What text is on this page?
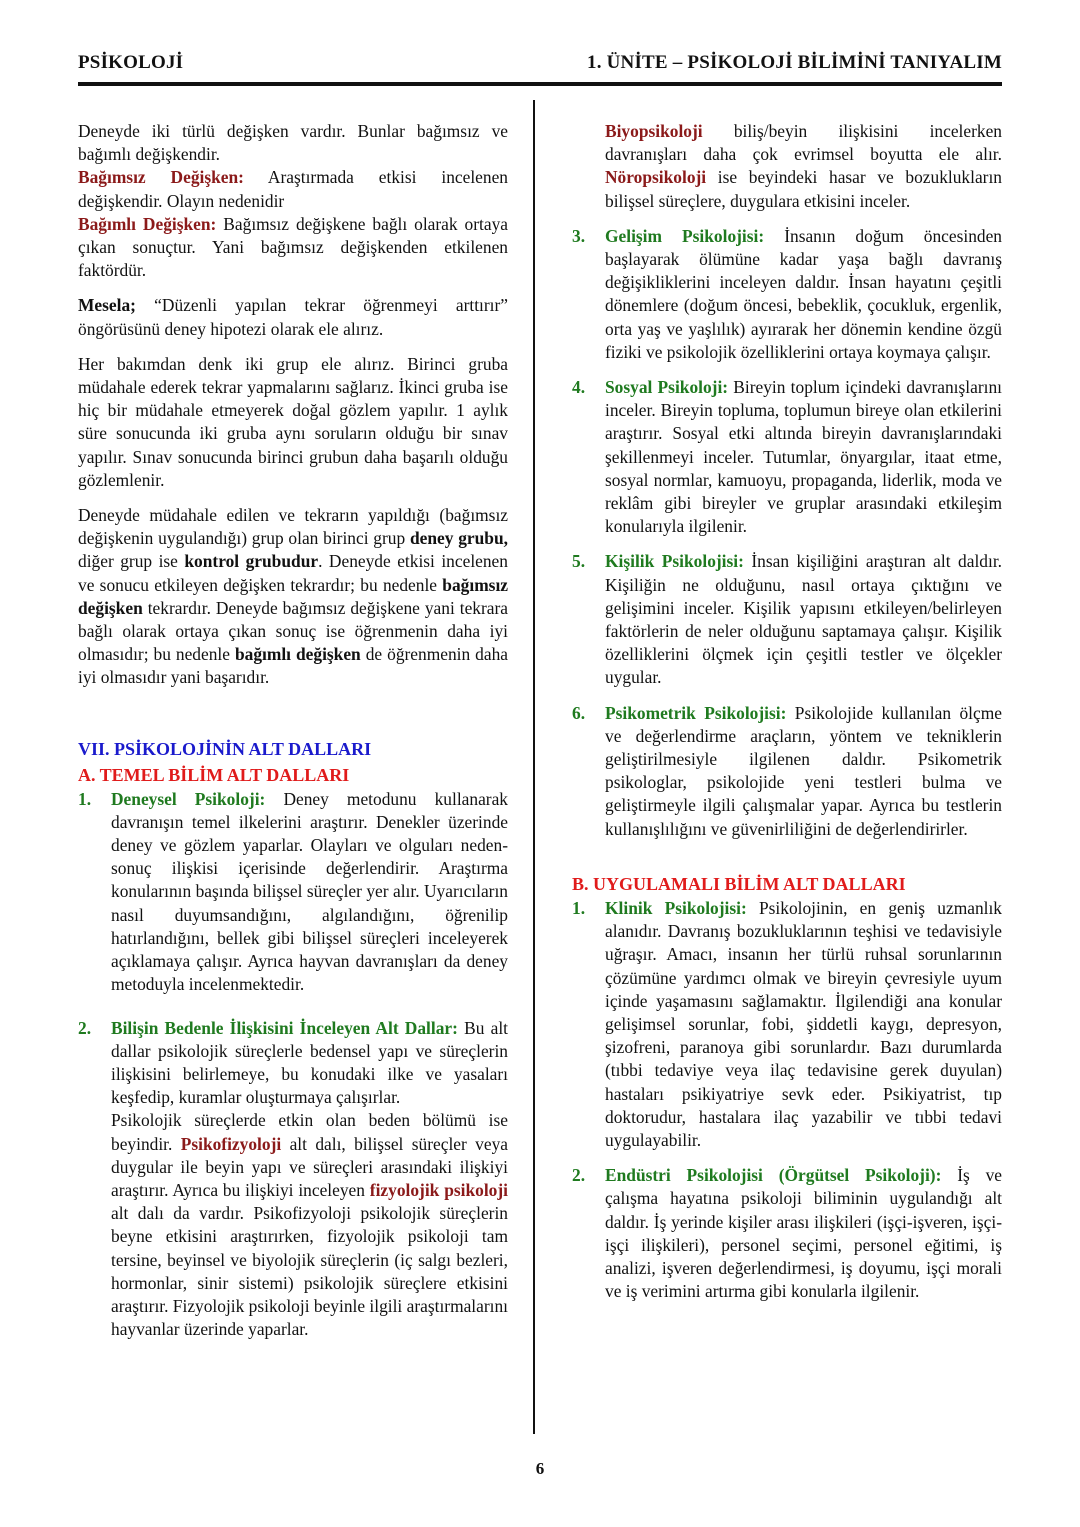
PSİKOLOJİ	1. ÜNİTE – PSİKOLOJİ BİLİMİNİ TANIYALIM

Deneyde iki türlü değişken vardır. Bunlar bağımsız ve bağımlı değişkendir.

Bağımsız Değişken: Araştırmada etkisi incelenen değişkendir. Olayın nedenidir

Bağımlı Değişken: Bağımsız değişkene bağlı olarak ortaya çıkan sonuçtur. Yani bağımsız değişkenden etkilenen faktördür.

Mesela; “Düzenli yapılan tekrar öğrenmeyi arttırır” öngörüsünü deney hipotezi olarak ele alırız.

Her bakımdan denk iki grup ele alırız. Birinci gruba müdahale ederek tekrar yapmalarını sağlarız. İkinci gruba ise hiç bir müdahale etmeyerek doğal gözlem yapılır. 1 aylık süre sonucunda iki gruba aynı soruların olduğu bir sınav yapılır. Sınav sonucunda birinci grubun daha başarılı olduğu gözlemlenir.

Deneyde müdahale edilen ve tekrarın yapıldığı (bağımsız değişkenin uygulandığı) grup olan birinci grup deney grubu, diğer grup ise kontrol grubudur. Deneyde etkisi incelenen ve sonucu etkileyen değişken tekrardır; bu nedenle bağımsız değişken tekrardır. Deneyde bağımsız değişkene yani tekrara bağlı olarak ortaya çıkan sonuç ise öğrenmenin daha iyi olmasıdır; bu nedenle bağımlı değişken de öğrenmenin daha iyi olmasıdır yani başarıdır.

VII. PSİKOLOJİNİN ALT DALLARI
A. TEMEL BİLİM ALT DALLARI
1. Deneysel Psikoloji: Deney metodunu kullanarak davranışın temel ilkelerini araştırır. Denekler üzerinde deney ve gözlem yaparlar. Olayları ve olguları neden-sonuç ilişkisi içerisinde değerlendirir. Araştırma konularının başında bilişsel süreçler yer alır. Uyarıcıların nasıl duyumsandığını, algılandığını, öğrenilip hatırlandığını, bellek gibi bilişsel süreçleri inceleyerek açıklamaya çalışır. Ayrıca hayvan davranışları da deney metoduyla incelenmektedir.

2. Bilişin Bedenle İlişkisini İnceleyen Alt Dallar: Bu alt dallar psikolojik süreçlerle bedensel yapı ve süreçlerin ilişkisini belirlemeye, bu konudaki ilke ve yasaları keşfedip, kuramlar oluşturmaya çalışırlar.

Psikolojik süreçlerde etkin olan beden bölümü ise beyindir. Psikofizyoloji alt dalı, bilişsel süreçler veya duygular ile beyin yapı ve süreçleri arasındaki ilişkiyi araştırır. Ayrıca bu ilişkiyi inceleyen fizyolojik psikoloji alt dalı da vardır. Psikofizyoloji psikolojik süreçlerin beyne etkisini araştırırken, fizyolojik psikoloji tam tersine, beyinsel ve biyolojik süreçlerin (iç salgı bezleri, hormonlar, sinir sistemi) psikolojik süreçlere etkisini araştırır. Fizyolojik psikoloji beyinle ilgili araştırmalarını hayvanlar üzerinde yaparlar.

Biyopsikoloji biliş/beyin ilişkisini incelerken davranışları daha çok evrimsel boyutta ele alır. Nöropsikoloji ise beyindeki hasar ve bozuklukların bilişsel süreçlere, duygulara etkisini inceler.

3. Gelişim Psikolojisi: İnsanın doğum öncesinden başlayarak ölümüne kadar yaşa bağlı davranış değişikliklerini inceleyen daldır. İnsan hayatını çeşitli dönemlere (doğum öncesi, bebeklik, çocukluk, ergenlik, orta yaş ve yaşlılık) ayırarak her dönemin kendine özgü fiziki ve psikolojik özelliklerini ortaya koymaya çalışır.

4. Sosyal Psikoloji: Bireyin toplum içindeki davranışlarını inceler. Bireyin topluma, toplumun bireye olan etkilerini araştırır. Sosyal etki altında bireyin davranışlarındaki şekillenmeyi inceler. Tutumlar, önyargılar, itaat etme, sosyal normlar, kamuoyu, propaganda, liderlik, moda ve reklâm gibi bireyler ve gruplar arasındaki etkileşim konularıyla ilgilenir.

5. Kişilik Psikolojisi: İnsan kişiliğini araştıran alt daldır. Kişiliğin ne olduğunu, nasıl ortaya çıktığını ve gelişimini inceler. Kişilik yapısını etkileyen/belirleyen faktörlerin de neler olduğunu saptamaya çalışır. Kişilik özelliklerini ölçmek için çeşitli testler ve ölçekler uygular.

6. Psikometrik Psikolojisi: Psikolojide kullanılan ölçme ve değerlendirme araçların, yöntem ve tekniklerin geliştirilmesiyle ilgilenen daldır. Psikometrik psikologlar, psikolojide yeni testleri bulma ve geliştirmeyle ilgili çalışmalar yapar. Ayrıca bu testlerin kullanışlılığını ve güvenirliliğini de değerlendirirler.

B. UYGULAMALI BİLİM ALT DALLARI
1. Klinik Psikolojisi: Psikolojinin, en geniş uzmanlık alanıdır. Davranış bozukluklarının teşhisi ve tedavisiyle uğraşır. Amacı, insanın her türlü ruhsal sorunlarının çözümüne yardımcı olmak ve bireyin çevresiyle uyum içinde yaşamasını sağlamaktır. İlgilendiği ana konular gelişimsel sorunlar, fobi, şiddetli kaygı, depresyon, şizofreni, paranoya gibi sorunlardır. Bazı durumlarda (tıbbi tedaviye veya ilaç tedavisine gerek duyulan) hastaları psikiyatriye sevk eder. Psikiyatrist, tıp doktorudur, hastalara ilaç yazabilir ve tıbbi tedavi uygulayabilir.

2. Endüstri Psikolojisi (Örgütsel Psikoloji): İş ve çalışma hayatına psikoloji biliminin uygulandığı alt daldır. İş yerinde kişiler arası ilişkileri (işçi-işveren, işçi-işçi ilişkileri), personel seçimi, personel eğitimi, iş analizi, işveren değerlendirmesi, iş doyumu, işçi morali ve iş verimini artırma gibi konularla ilgilenir.

6
